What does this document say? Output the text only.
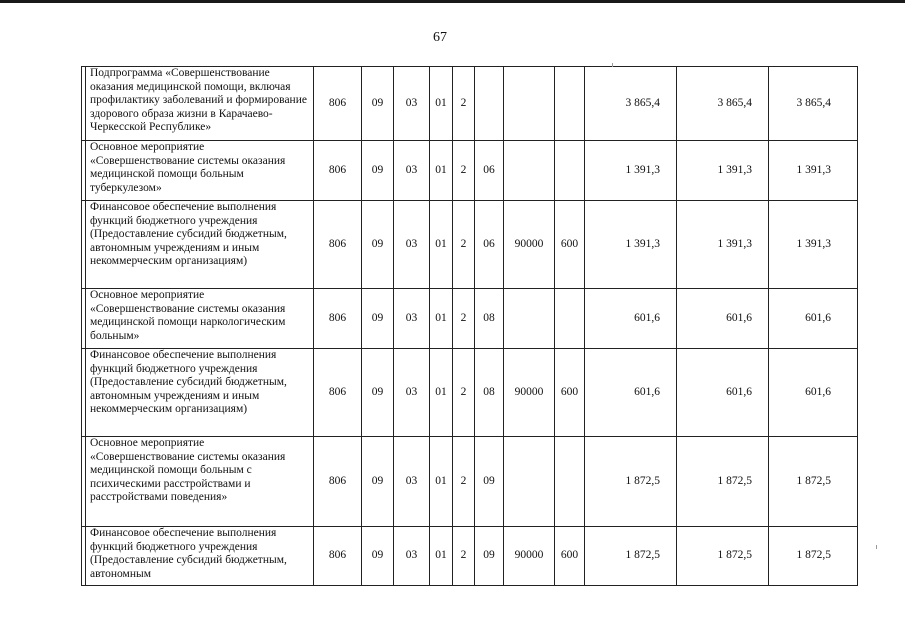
67
	Подпрограмма «Совершенствование оказания медицинской помощи, включая профилактику заболеваний и формирование здорового образа жизни в Карачаево-Черкесской Республике»	806	09	03	01	2				3 865,4	3 865,4	3 865,4
	Основное мероприятие «Совершенствование системы оказания медицинской помощи больным туберкулезом»	806	09	03	01	2	06			1 391,3	1 391,3	1 391,3
	Финансовое обеспечение выполнения функций бюджетного учреждения (Предоставление субсидий бюджетным, автономным учреждениям и иным некоммерческим организациям)	806	09	03	01	2	06	90000	600	1 391,3	1 391,3	1 391,3
	Основное мероприятие «Совершенствование системы оказания медицинской помощи наркологическим больным»	806	09	03	01	2	08			601,6	601,6	601,6
	Финансовое обеспечение выполнения функций бюджетного учреждения (Предоставление субсидий бюджетным, автономным учреждениям и иным некоммерческим организациям)	806	09	03	01	2	08	90000	600	601,6	601,6	601,6
	Основное мероприятие «Совершенствование системы оказания медицинской помощи больным с психическими расстройствами и расстройствами поведения»	806	09	03	01	2	09			1 872,5	1 872,5	1 872,5
	Финансовое обеспечение выполнения функций бюджетного учреждения (Предоставление субсидий бюджетным, автономным	806	09	03	01	2	09	90000	600	1 872,5	1 872,5	1 872,5
